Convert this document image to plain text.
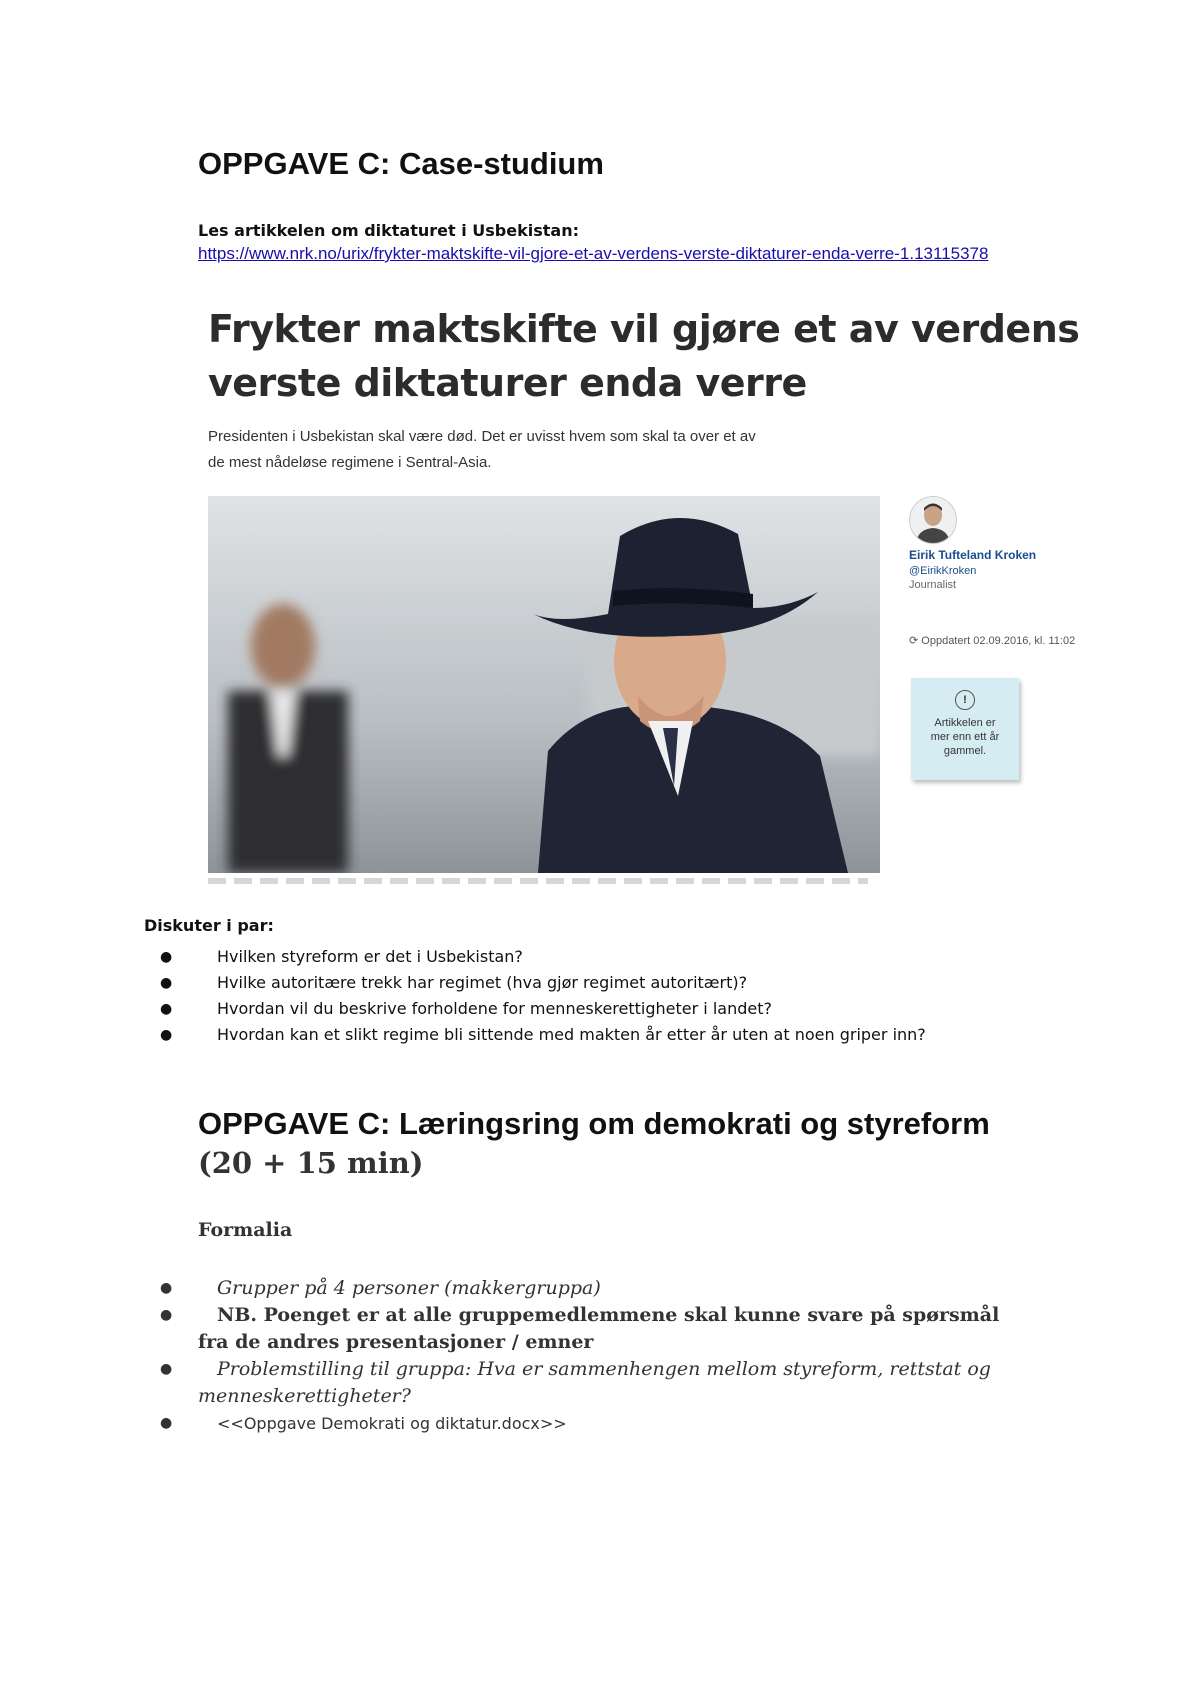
OPPGAVE C: Case-studium
Les artikkelen om diktaturet i Usbekistan:
https://www.nrk.no/urix/frykter-maktskifte-vil-gjore-et-av-verdens-verste-diktaturer-enda-verre-1.13115378
Frykter maktskifte vil gjøre et av verdens verste diktaturer enda verre
Presidenten i Usbekistan skal være død. Det er uvisst hvem som skal ta over et av
de mest nådeløse regimene i Sentral-Asia.
Eirik Tufteland Kroken
@EirikKroken
Journalist
⟳ Oppdatert 02.09.2016, kl. 11:02
!
Artikkelen er mer enn ett år gammel.
Diskuter i par:
●	Hvilken styreform er det i Usbekistan?
●	Hvilke autoritære trekk har regimet (hva gjør regimet autoritært)?
●	Hvordan vil du beskrive forholdene for menneskerettigheter i landet?
●	Hvordan kan et slikt regime bli sittende med makten år etter år uten at noen griper inn?
OPPGAVE C: Læringsring om demokrati og styreform
(20 + 15 min)
Formalia
● Grupper på 4 personer (makkergruppa)
● NB. Poenget er at alle gruppemedlemmene skal kunne svare på spørsmål fra de andres presentasjoner / emner
● Problemstilling til gruppa: Hva er sammenhengen mellom styreform, rettstat og menneskerettigheter?
●	<<Oppgave Demokrati og diktatur.docx>>
